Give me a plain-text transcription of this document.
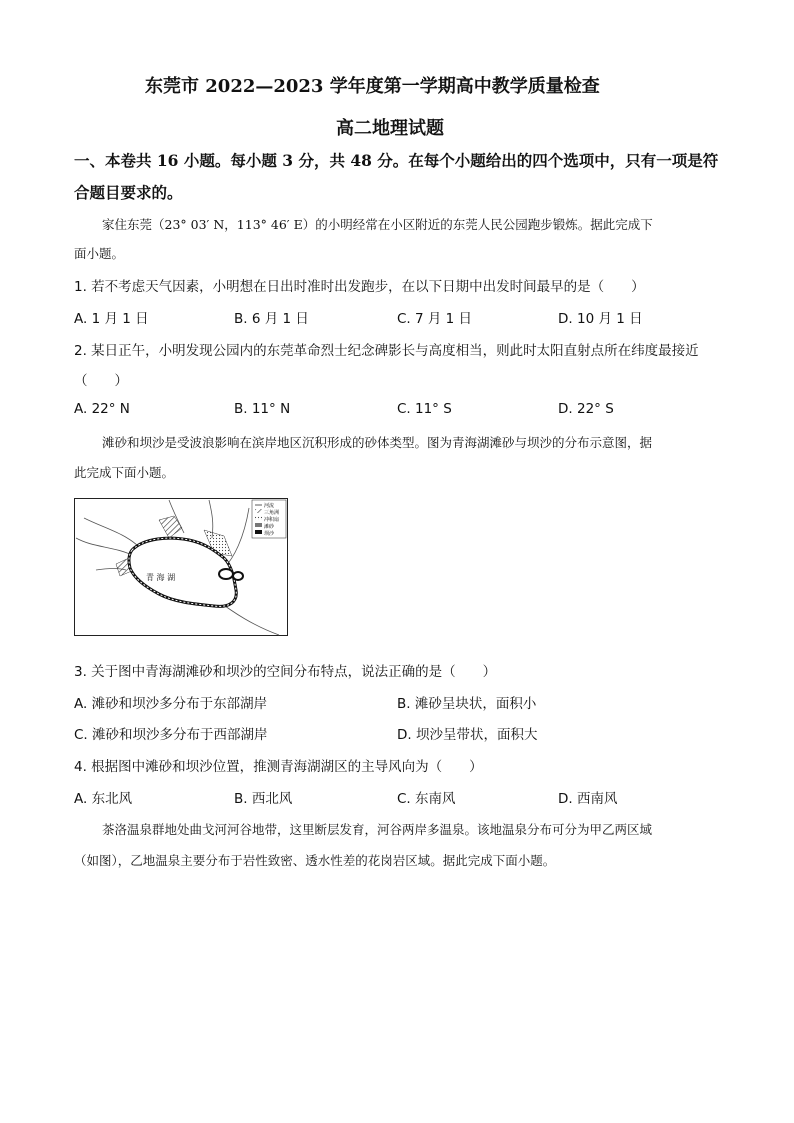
东莞市 2022—2023 学年度第一学期高中教学质量检查
高二地理试题
一、本卷共 16 小题。每小题 3 分，共 48 分。在每个小题给出的四个选项中，只有一项是符
合题目要求的。
家住东莞（23° 03′ N，113° 46′ E）的小明经常在小区附近的东莞人民公园跑步锻炼。据此完成下
面小题。
1. 若不考虑天气因素，小明想在日出时准时出发跑步，在以下日期中出发时间最早的是（　　）
A. 1 月 1 日	B. 6 月 1 日	C. 7 月 1 日	D. 10 月 1 日
2. 某日正午，小明发现公园内的东莞革命烈士纪念碑影长与高度相当，则此时太阳直射点所在纬度最接近
（　　）
A. 22° N	B. 11° N	C. 11° S	D. 22° S
滩砂和坝沙是受波浪影响在滨岸地区沉积形成的砂体类型。图为青海湖滩砂与坝沙的分布示意图，据
此完成下面小题。
青 海 湖
河流
三角洲
冲积扇
滩砂
坝沙
3. 关于图中青海湖滩砂和坝沙的空间分布特点，说法正确的是（　　）
A. 滩砂和坝沙多分布于东部湖岸	B. 滩砂呈块状，面积小
C. 滩砂和坝沙多分布于西部湖岸	D. 坝沙呈带状，面积大
4. 根据图中滩砂和坝沙位置，推测青海湖湖区的主导风向为（　　）
A. 东北风	B. 西北风	C. 东南风	D. 西南风
茶洛温泉群地处曲戈河河谷地带，这里断层发育，河谷两岸多温泉。该地温泉分布可分为甲乙两区域
（如图），乙地温泉主要分布于岩性致密、透水性差的花岗岩区域。据此完成下面小题。
